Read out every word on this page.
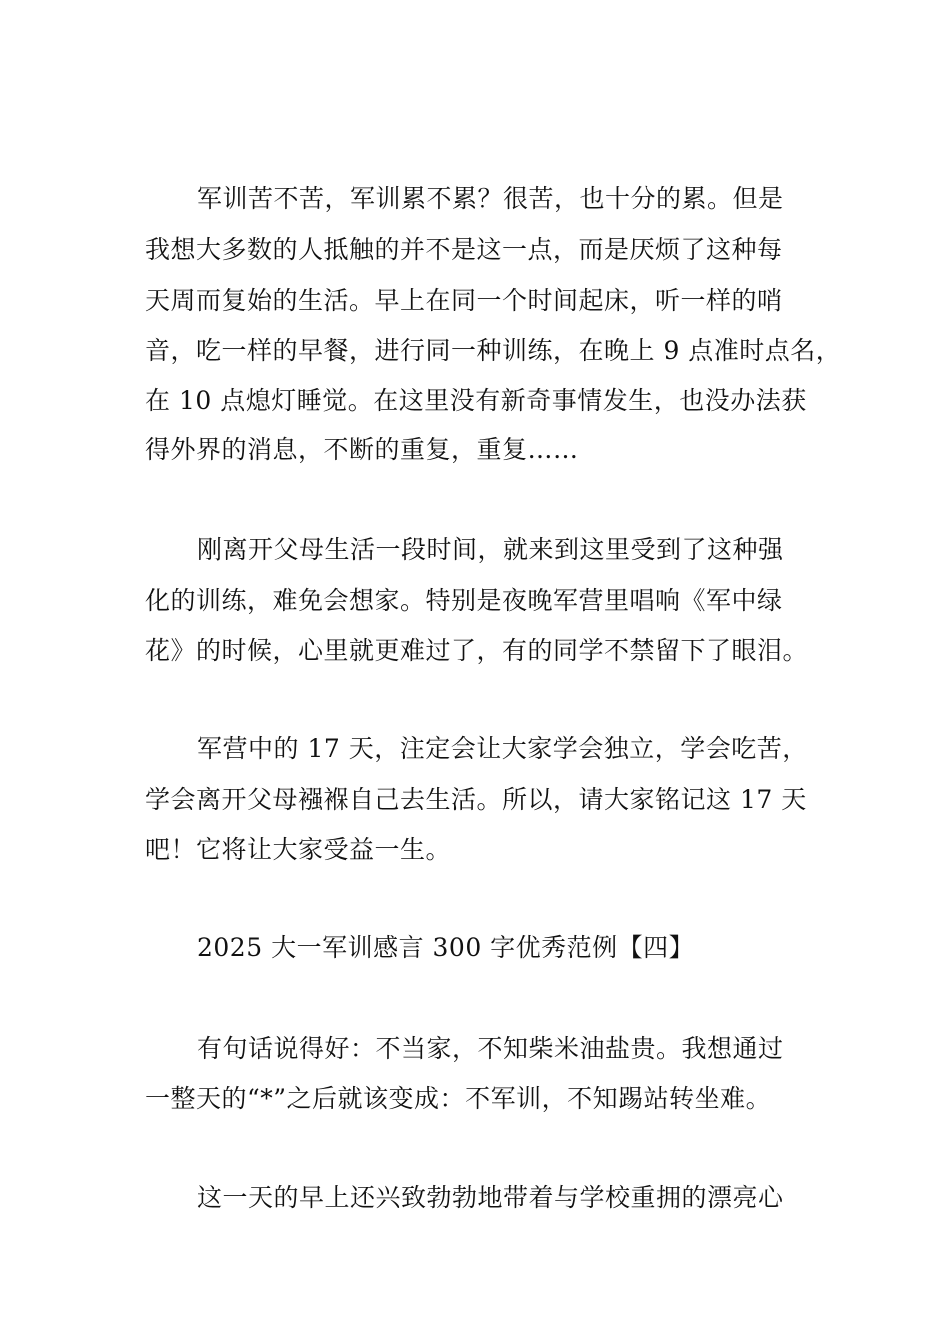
军训苦不苦，军训累不累？很苦，也十分的累。但是
我想大多数的人抵触的并不是这一点，而是厌烦了这种每
天周而复始的生活。早上在同一个时间起床，听一样的哨
音，吃一样的早餐，进行同一种训练，在晚上 9 点准时点名，
在 10 点熄灯睡觉。在这里没有新奇事情发生，也没办法获
得外界的消息，不断的重复，重复……
刚离开父母生活一段时间，就来到这里受到了这种强
化的训练，难免会想家。特别是夜晚军营里唱响《军中绿
花》的时候，心里就更难过了，有的同学不禁留下了眼泪。
军营中的 17 天，注定会让大家学会独立，学会吃苦，
学会离开父母襁褓自己去生活。所以，请大家铭记这 17 天
吧！它将让大家受益一生。
2025 大一军训感言 300 字优秀范例【四】
有句话说得好：不当家，不知柴米油盐贵。我想通过
一整天的“*”之后就该变成：不军训，不知踢站转坐难。
这一天的早上还兴致勃勃地带着与学校重拥的漂亮心
